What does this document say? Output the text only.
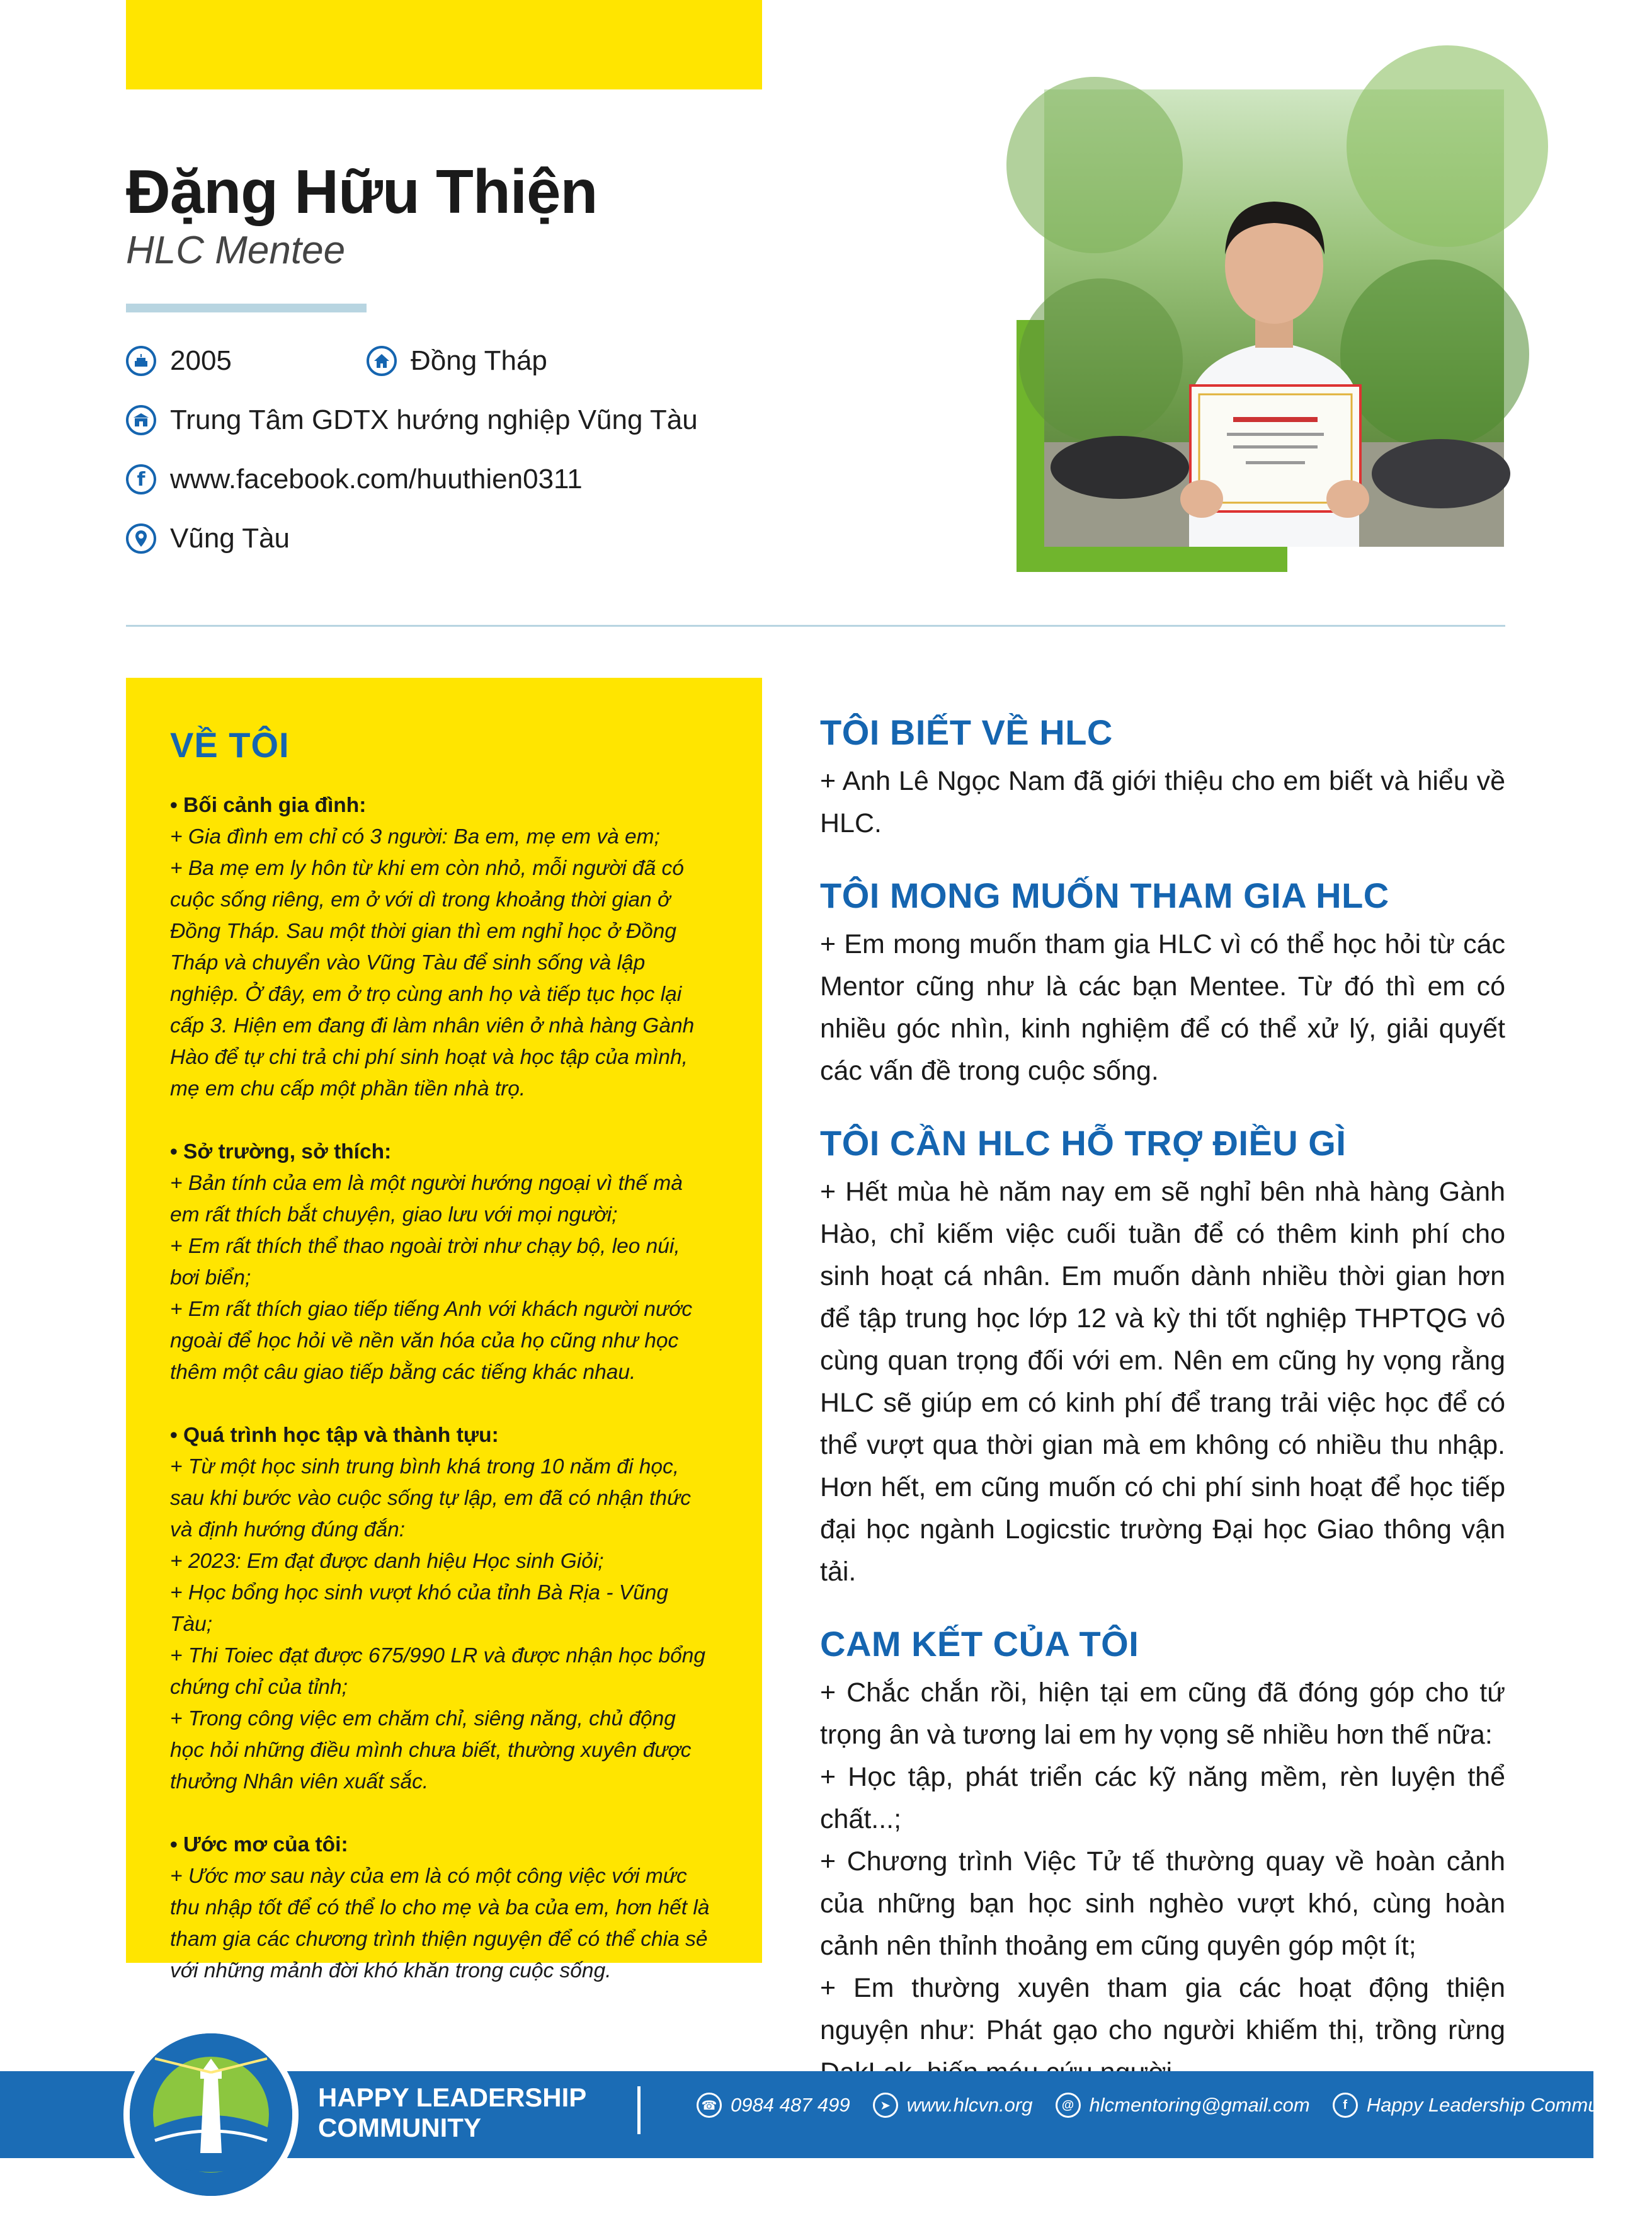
Đặng Hữu Thiện
HLC Mentee
2005	Đồng Tháp
Trung Tâm GDTX hướng nghiệp Vũng Tàu
f www.facebook.com/huuthien0311
Vũng Tàu
VỀ TÔI
• Bối cảnh gia đình:
+ Gia đình em chỉ có 3 người: Ba em, mẹ em và em;
+ Ba mẹ em ly hôn từ khi em còn nhỏ, mỗi người đã có cuộc sống riêng, em ở với dì trong khoảng thời gian ở Đồng Tháp. Sau một thời gian thì em nghỉ học ở Đồng Tháp và chuyển vào Vũng Tàu để sinh sống và lập nghiệp. Ở đây, em ở trọ cùng anh họ và tiếp tục học lại cấp 3. Hiện em đang đi làm nhân viên ở nhà hàng Gành Hào để tự chi trả chi phí sinh hoạt và học tập của mình, mẹ em chu cấp một phần tiền nhà trọ.
• Sở trường, sở thích:
+ Bản tính của em là một người hướng ngoại vì thế mà em rất thích bắt chuyện, giao lưu với mọi người;
+ Em rất thích thể thao ngoài trời như chạy bộ, leo núi, bơi biển;
+ Em rất thích giao tiếp tiếng Anh với khách người nước ngoài để học hỏi về nền văn hóa của họ cũng như học thêm một câu giao tiếp bằng các tiếng khác nhau.
• Quá trình học tập và thành tựu:
+ Từ một học sinh trung bình khá trong 10 năm đi học, sau khi bước vào cuộc sống tự lập, em đã có nhận thức và định hướng đúng đắn:
+ 2023: Em đạt được danh hiệu Học sinh Giỏi;
+ Học bổng học sinh vượt khó của tỉnh Bà Rịa - Vũng Tàu;
+ Thi Toiec đạt được 675/990 LR và được nhận học bổng chứng chỉ của tỉnh;
+ Trong công việc em chăm chỉ, siêng năng, chủ động học hỏi những điều mình chưa biết, thường xuyên được thưởng Nhân viên xuất sắc.
• Ước mơ của tôi:
+ Ước mơ sau này của em là có một công việc với mức thu nhập tốt để có thể lo cho mẹ và ba của em, hơn hết là tham gia các chương trình thiện nguyện để có thể chia sẻ với những mảnh đời khó khăn trong cuộc sống.
TÔI BIẾT VỀ HLC
+ Anh Lê Ngọc Nam đã giới thiệu cho em biết và hiểu về HLC.
TÔI MONG MUỐN THAM GIA HLC
+ Em mong muốn tham gia HLC vì có thể học hỏi từ các Mentor cũng như là các bạn Mentee. Từ đó thì em có nhiều góc nhìn, kinh nghiệm để có thể xử lý, giải quyết các vấn đề trong cuộc sống.
TÔI CẦN HLC HỖ TRỢ ĐIỀU GÌ
+ Hết mùa hè năm nay em sẽ nghỉ bên nhà hàng Gành Hào, chỉ kiếm việc cuối tuần để có thêm kinh phí cho sinh hoạt cá nhân. Em muốn dành nhiều thời gian hơn để tập trung học lớp 12 và kỳ thi tốt nghiệp THPTQG vô cùng quan trọng đối với em. Nên em cũng hy vọng rằng HLC sẽ giúp em có kinh phí để trang trải việc học để có thể vượt qua thời gian mà em không có nhiều thu nhập. Hơn hết, em cũng muốn có chi phí sinh hoạt để học tiếp đại học ngành Logicstic trường Đại học Giao thông vận tải.
CAM KẾT CỦA TÔI
+ Chắc chắn rồi, hiện tại em cũng đã đóng góp cho tứ trọng ân và tương lai em hy vọng sẽ nhiều hơn thế nữa:
+ Học tập, phát triển các kỹ năng mềm, rèn luyện thể chất...;
+ Chương trình Việc Tử tế thường quay về hoàn cảnh của những bạn học sinh nghèo vượt khó, cùng hoàn cảnh nên thỉnh thoảng em cũng quyên góp một ít;
+ Em thường xuyên tham gia các hoạt động thiện nguyện như: Phát gạo cho người khiếm thị, trồng rừng
HAPPY LEADERSHIP
COMMUNITY
☎ 0984 487 499	➤ www.hlcvn.org	@ hlcmentoring@gmail.com	f Happy Leadership Community
